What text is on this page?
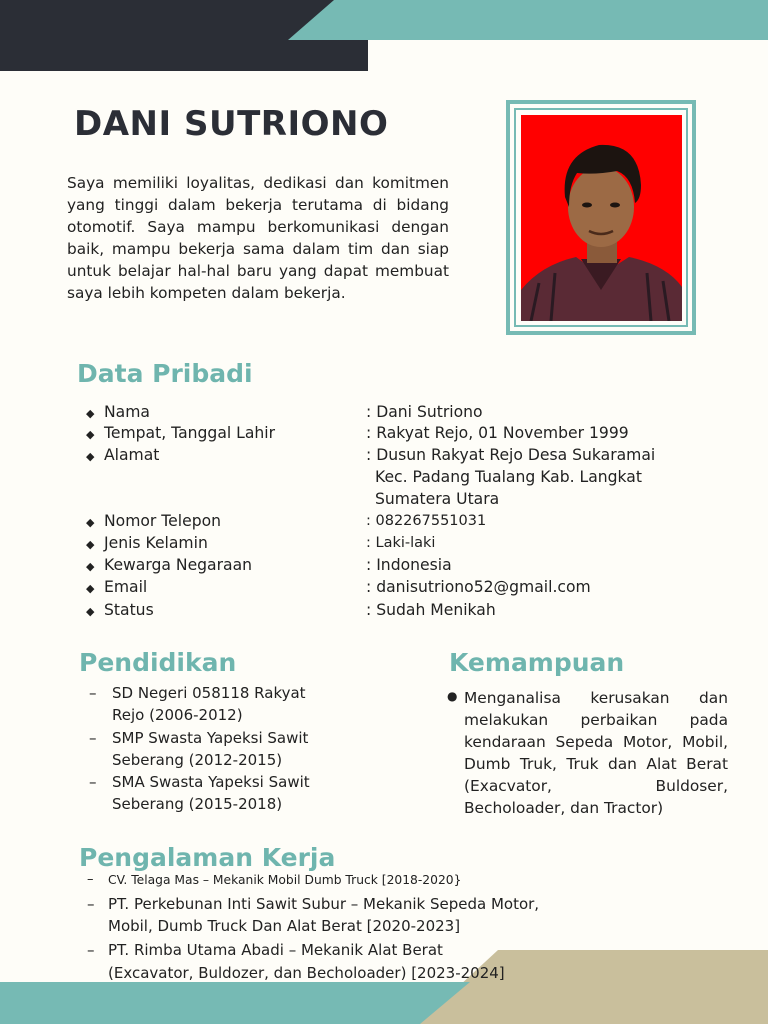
DANI SUTRIONO
Saya memiliki loyalitas, dedikasi dan komitmen yang tinggi dalam bekerja terutama di bidang otomotif. Saya mampu berkomunikasi dengan baik, mampu bekerja sama dalam tim dan siap untuk belajar hal-hal baru yang dapat membuat saya lebih kompeten dalam bekerja.
Data Pribadi
◆ Nama	: Dani Sutriono
◆ Tempat, Tanggal Lahir	: Rakyat Rejo, 01 November 1999
◆ Alamat	: Dusun Rakyat Rejo Desa Sukaramai
Kec. Padang Tualang Kab. Langkat
Sumatera Utara
◆ Nomor Telepon	: 082267551031
◆ Jenis Kelamin	: Laki-laki
◆ Kewarga Negaraan	: Indonesia
◆ Email	: danisutriono52@gmail.com
◆ Status	: Sudah Menikah
Pendidikan
– SD Negeri 058118 Rakyat
Rejo (2006-2012)
– SMP Swasta Yapeksi Sawit
Seberang (2012-2015)
– SMA Swasta Yapeksi Sawit
Seberang (2015-2018)
Kemampuan
● Menganalisa kerusakan dan melakukan perbaikan pada kendaraan Sepeda Motor, Mobil, Dumb Truk, Truk dan Alat Berat (Exacvator, Buldoser, Becholoader, dan Tractor)
Pengalaman Kerja
– CV. Telaga Mas – Mekanik Mobil Dumb Truck [2018-2020}
– PT. Perkebunan Inti Sawit Subur – Mekanik Sepeda Motor,
Mobil, Dumb Truck Dan Alat Berat [2020-2023]
– PT. Rimba Utama Abadi – Mekanik Alat Berat
(Excavator, Buldozer, dan Becholoader) [2023-2024]
